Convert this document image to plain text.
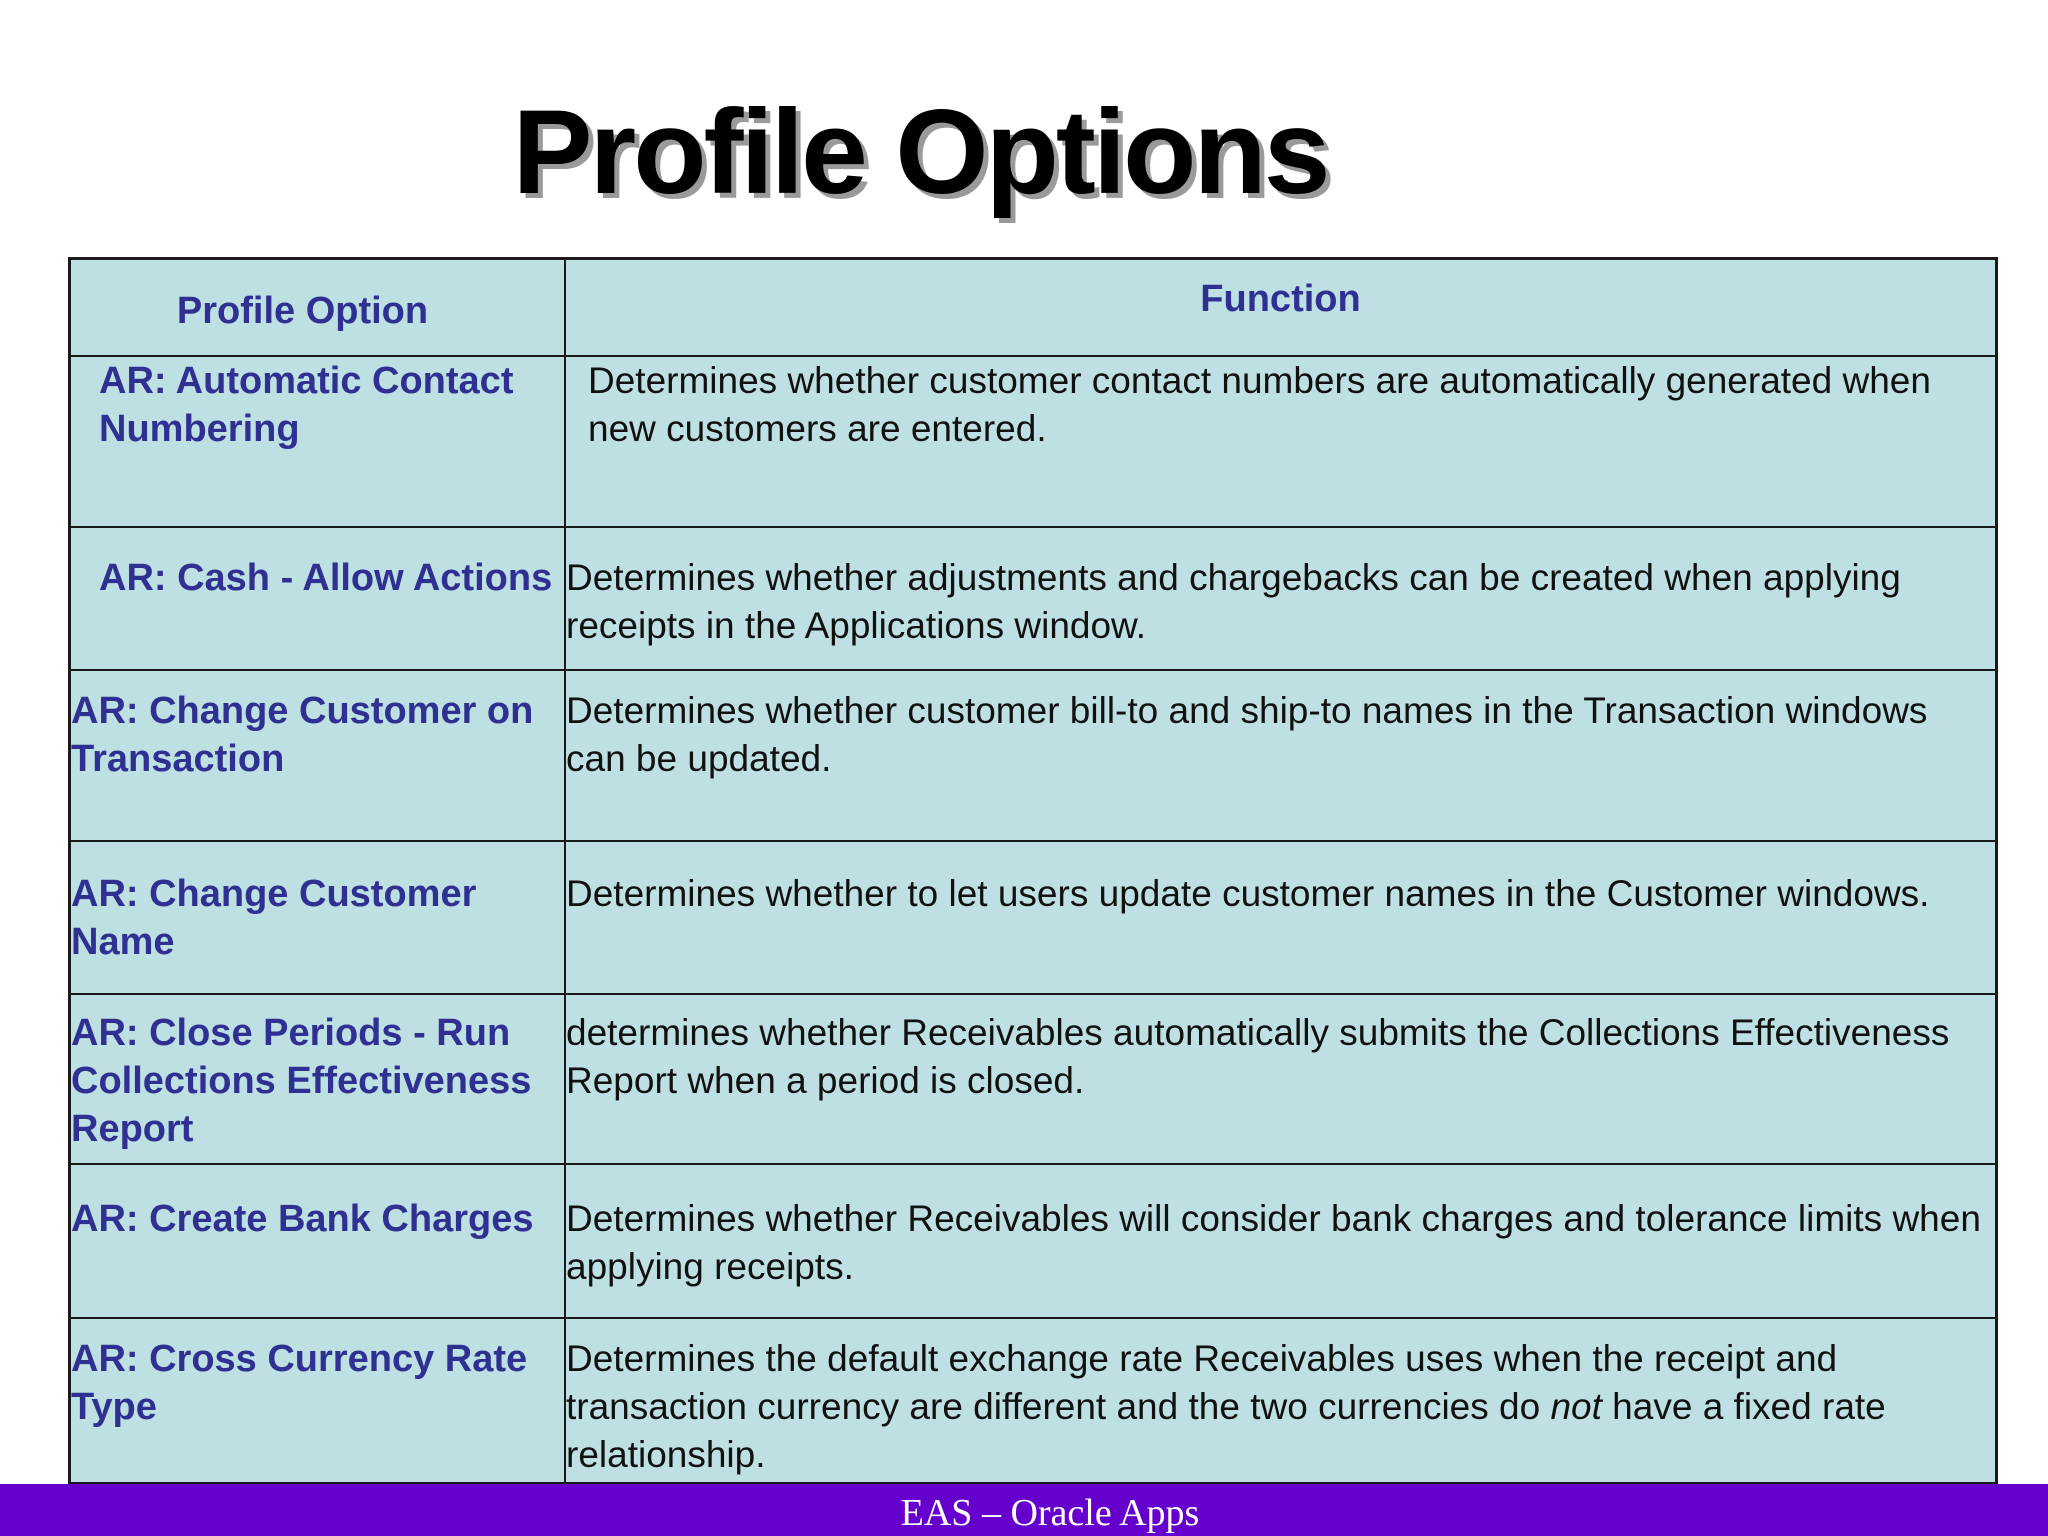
Profile Options
Profile Option	Function
AR: Automatic Contact Numbering	Determines whether customer contact numbers are automatically generated when new customers are entered.
AR: Cash - Allow Actions	Determines whether adjustments and chargebacks can be created when applying receipts in the Applications window.
AR: Change Customer on Transaction	Determines whether customer bill-to and ship-to names in the Transaction windows can be updated.
AR: Change Customer Name	Determines whether to let users update customer names in the Customer windows.
AR: Close Periods - Run Collections Effectiveness Report	determines whether Receivables automatically submits the Collections Effectiveness Report when a period is closed.
AR: Create Bank Charges	Determines whether Receivables will consider bank charges and tolerance limits when applying receipts.
AR: Cross Currency Rate Type	Determines the default exchange rate Receivables uses when the receipt and transaction currency are different and the two currencies do not have a fixed rate relationship.
EAS – Oracle Apps
